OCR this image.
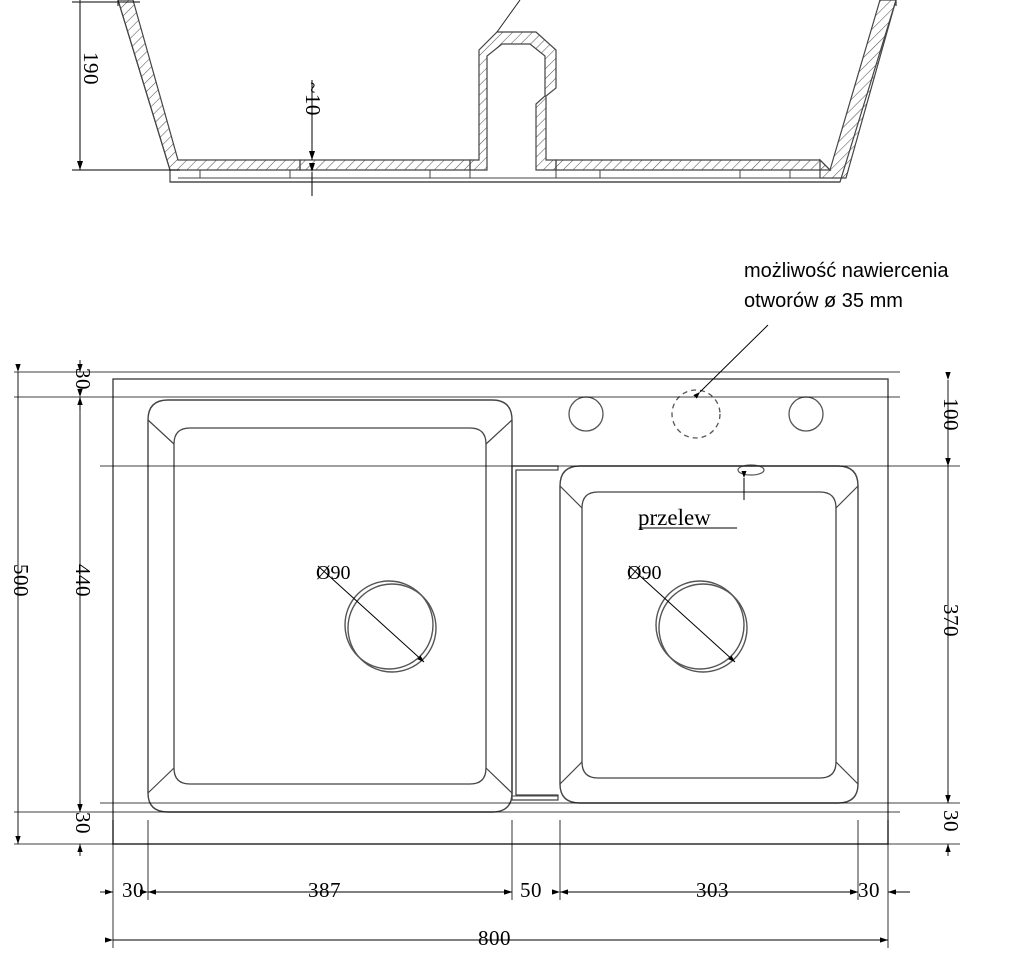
190
~10
możliwość nawiercenia
otworów ø 35 mm
przelew
Ø90	Ø90
30
440
30
500
100
370
30
30	387	50	303	30
800
